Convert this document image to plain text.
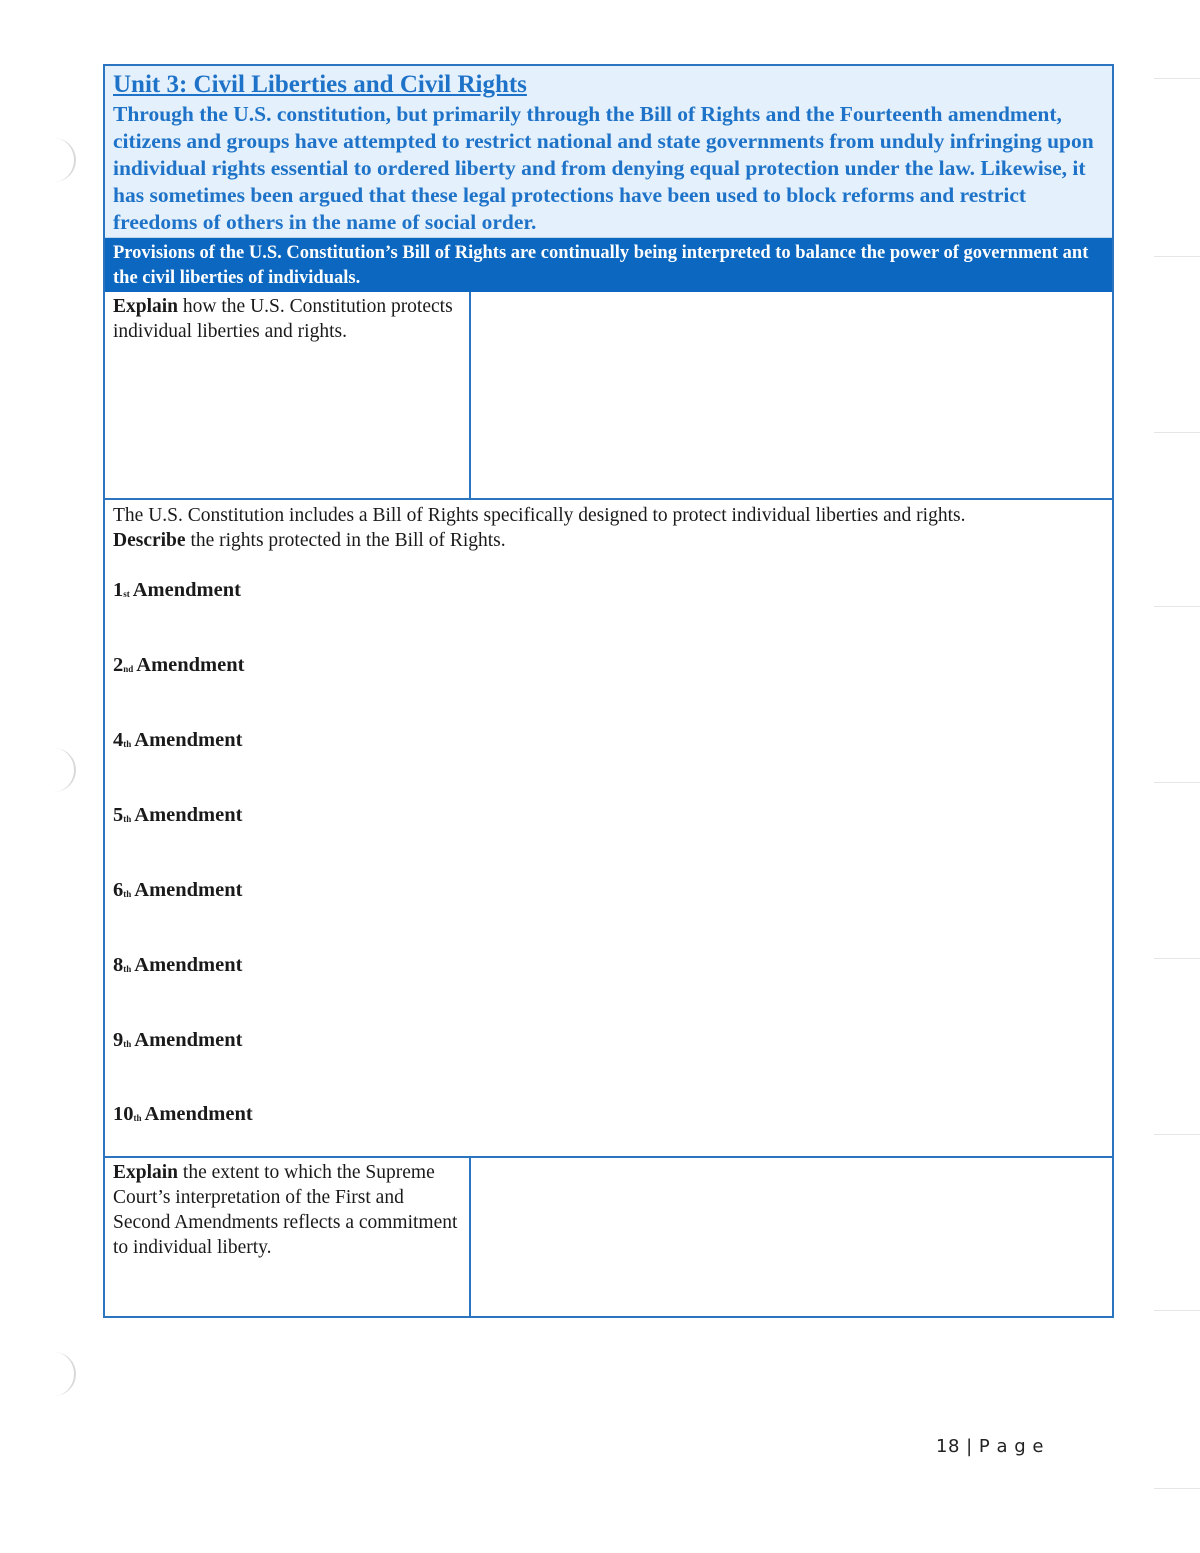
Unit 3: Civil Liberties and Civil Rights
Through the U.S. constitution, but primarily through the Bill of Rights and the Fourteenth amendment, citizens and groups have attempted to restrict national and state governments from unduly infringing upon individual rights essential to ordered liberty and from denying equal protection under the law. Likewise, it has sometimes been argued that these legal protections have been used to block reforms and restrict freedoms of others in the name of social order.
Provisions of the U.S. Constitution’s Bill of Rights are continually being interpreted to balance the power of government ant the civil liberties of individuals.
Explain how the U.S. Constitution protects individual liberties and rights.
The U.S. Constitution includes a Bill of Rights specifically designed to protect individual liberties and rights.
Describe the rights protected in the Bill of Rights.
1st Amendment
2nd Amendment
4th Amendment
5th Amendment
6th Amendment
8th Amendment
9th Amendment
10th Amendment
Explain the extent to which the Supreme Court’s interpretation of the First and Second Amendments reflects a commitment to individual liberty.
18 | P a g e
